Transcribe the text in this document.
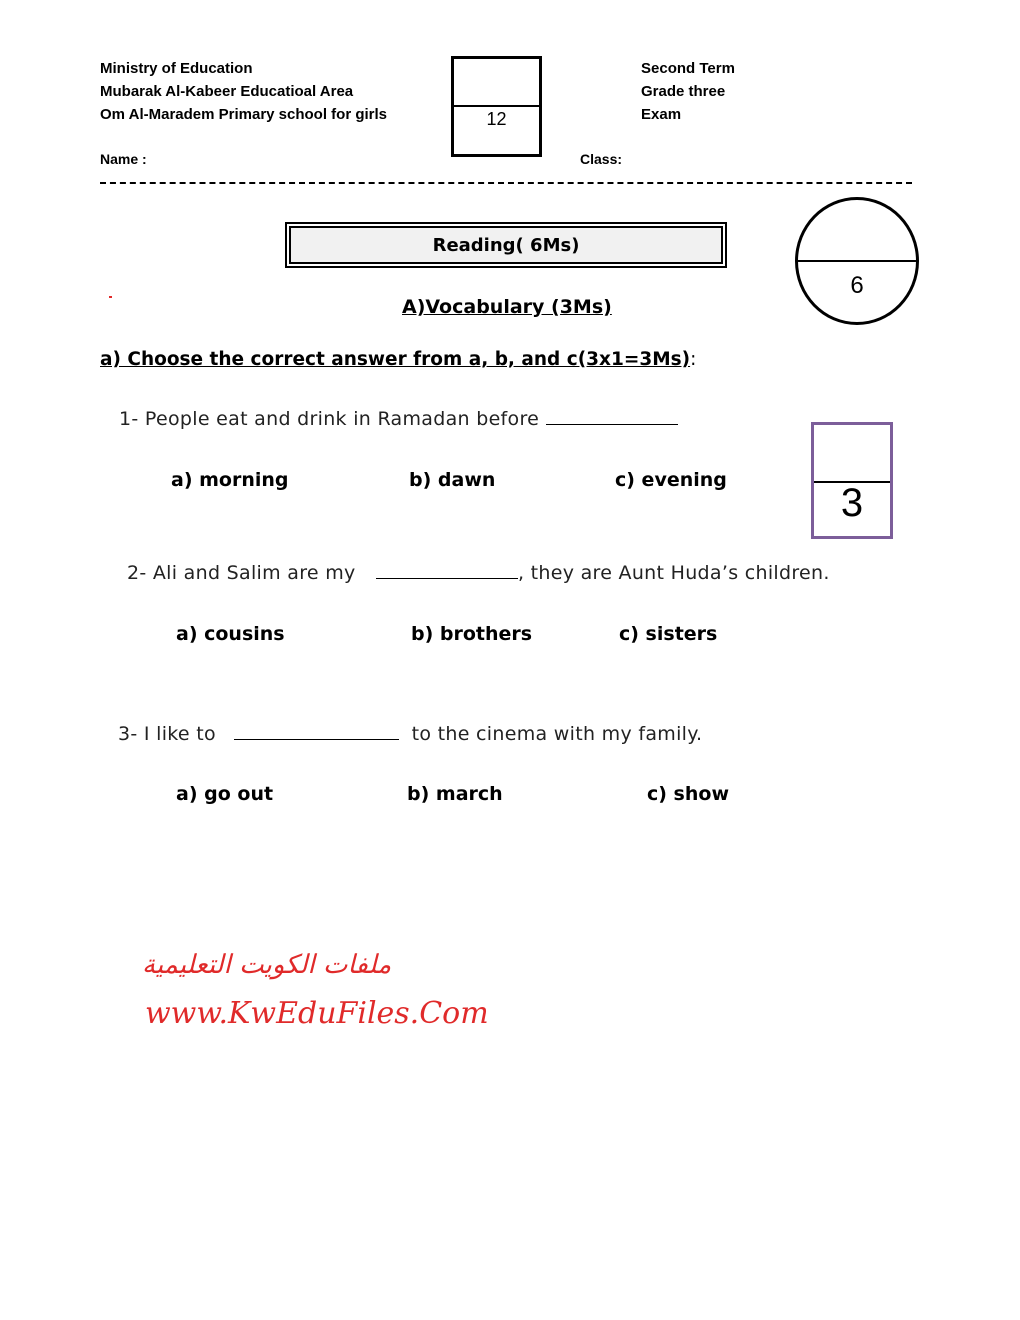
Ministry of Education
Mubarak Al-Kabeer Educatioal Area
Om Al-Maradem Primary school for girls	12
Second Term
Grade three
Exam
Name :	Class:
Reading( 6Ms)
6
A)Vocabulary (3Ms)
a) Choose the correct answer from a, b, and c(3x1=3Ms):
1- People eat and drink in Ramadan before
a) morning	b) dawn	c) evening
3
2- Ali and Salim are my	, they are Aunt Huda’s children.
a) cousins	b) brothers	c) sisters
3- I like to	to the cinema with my family.
a) go out	b) march	c) show
ملفات الكويت التعليمية
www.KwEduFiles.Com
